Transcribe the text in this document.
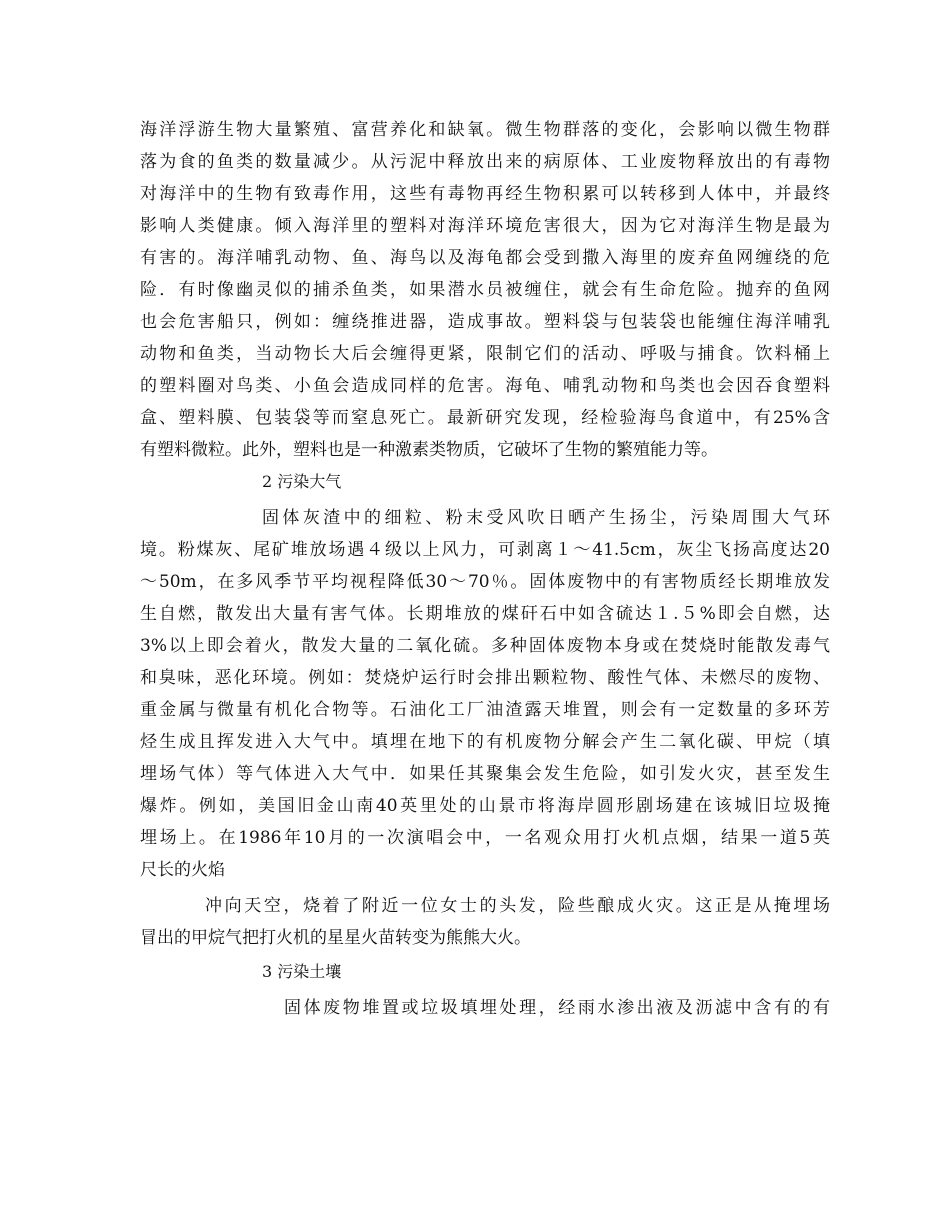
海洋浮游生物大量繁殖、富营养化和缺氧。微生物群落的变化，会影响以微生物群
落为食的鱼类的数量减少。从污泥中释放出来的病原体、工业废物释放出的有毒物
对海洋中的生物有致毒作用，这些有毒物再经生物积累可以转移到人体中，并最终
影响人类健康。倾入海洋里的塑料对海洋环境危害很大，因为它对海洋生物是最为
有害的。海洋哺乳动物、鱼、海鸟以及海龟都会受到撒入海里的废弃鱼网缠绕的危
险．有时像幽灵似的捕杀鱼类，如果潜水员被缠住，就会有生命危险。抛弃的鱼网
也会危害船只，例如：缠绕推进器，造成事故。塑料袋与包装袋也能缠住海洋哺乳
动物和鱼类，当动物长大后会缠得更紧，限制它们的活动、呼吸与捕食。饮料桶上
的塑料圈对鸟类、小鱼会造成同样的危害。海龟、哺乳动物和鸟类也会因吞食塑料
盒、塑料膜、包装袋等而窒息死亡。最新研究发现，经检验海鸟食道中，有25%含
有塑料微粒。此外，塑料也是一种激素类物质，它破坏了生物的繁殖能力等。
2 污染大气
固体灰渣中的细粒、粉末受风吹日晒产生扬尘，污染周围大气环
境。粉煤灰、尾矿堆放场遇４级以上风力，可剥离１～41.5cm，灰尘飞扬高度达20
～50m，在多风季节平均视程降低30～70％。固体废物中的有害物质经长期堆放发
生自燃，散发出大量有害气体。长期堆放的煤矸石中如含硫达１.５%即会自燃，达
3%以上即会着火，散发大量的二氧化硫。多种固体废物本身或在焚烧时能散发毒气
和臭味，恶化环境。例如：焚烧炉运行时会排出颗粒物、酸性气体、未燃尽的废物、
重金属与微量有机化合物等。石油化工厂油渣露天堆置，则会有一定数量的多环芳
烃生成且挥发进入大气中。填埋在地下的有机废物分解会产生二氧化碳、甲烷（填
埋场气体）等气体进入大气中．如果任其聚集会发生危险，如引发火灾，甚至发生
爆炸。例如，美国旧金山南40英里处的山景市将海岸圆形剧场建在该城旧垃圾掩
埋场上。在1986年10月的一次演唱会中，一名观众用打火机点烟，结果一道5英
尺长的火焰
冲向天空，烧着了附近一位女士的头发，险些酿成火灾。这正是从掩埋场
冒出的甲烷气把打火机的星星火苗转变为熊熊大火。
3 污染土壤
固体废物堆置或垃圾填埋处理，经雨水渗出液及沥滤中含有的有
